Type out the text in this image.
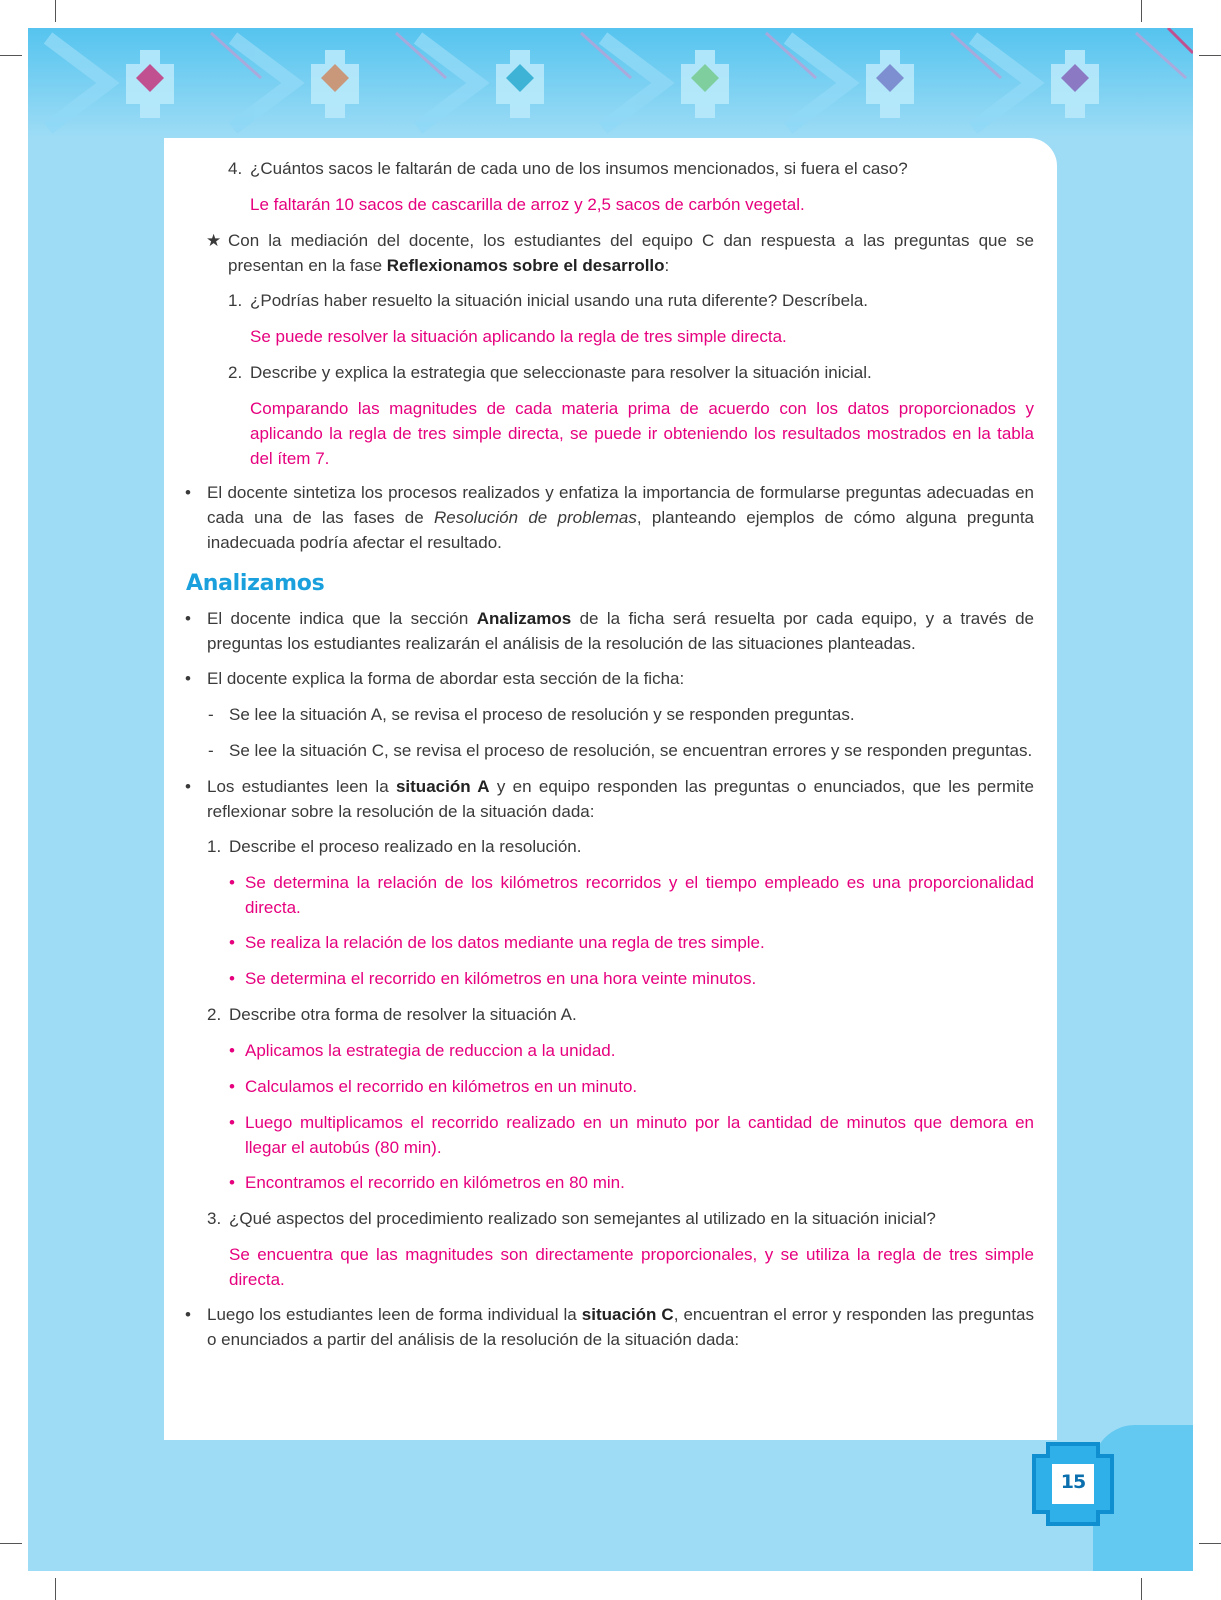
15
4. ¿Cuántos sacos le faltarán de cada uno de los insumos mencionados, si fuera el caso?

Le faltarán 10 sacos de cascarilla de arroz y 2,5 sacos de carbón vegetal.

★ Con la mediación del docente, los estudiantes del equipo C dan respuesta a las preguntas que se presentan en la fase Reflexionamos sobre el desarrollo:

1. ¿Podrías haber resuelto la situación inicial usando una ruta diferente? Descríbela.

Se puede resolver la situación aplicando la regla de tres simple directa.

2. Describe y explica la estrategia que seleccionaste para resolver la situación inicial.

Comparando las magnitudes de cada materia prima de acuerdo con los datos proporcionados y aplicando la regla de tres simple directa, se puede ir obteniendo los resultados mostrados en la tabla del ítem 7.

• El docente sintetiza los procesos realizados y enfatiza la importancia de formularse preguntas adecuadas en cada una de las fases de Resolución de problemas, planteando ejemplos de cómo alguna pregunta inadecuada podría afectar el resultado.

Analizamos
• El docente indica que la sección Analizamos de la ficha será resuelta por cada equipo, y a través de preguntas los estudiantes realizarán el análisis de la resolución de las situaciones planteadas.

• El docente explica la forma de abordar esta sección de la ficha:

- Se lee la situación A, se revisa el proceso de resolución y se responden preguntas.

- Se lee la situación C, se revisa el proceso de resolución, se encuentran errores y se responden preguntas.

• Los estudiantes leen la situación A y en equipo responden las preguntas o enunciados, que les permite reflexionar sobre la resolución de la situación dada:

1. Describe el proceso realizado en la resolución.

• Se determina la relación de los kilómetros recorridos y el tiempo empleado es una proporcionalidad directa.

• Se realiza la relación de los datos mediante una regla de tres simple.

• Se determina el recorrido en kilómetros en una hora veinte minutos.

2. Describe otra forma de resolver la situación A.

• Aplicamos la estrategia de reduccion a la unidad.

• Calculamos el recorrido en kilómetros en un minuto.

• Luego multiplicamos el recorrido realizado en un minuto por la cantidad de minutos que demora en llegar el autobús (80 min).

• Encontramos el recorrido en kilómetros en 80 min.

3. ¿Qué aspectos del procedimiento realizado son semejantes al utilizado en la situación inicial?

Se encuentra que las magnitudes son directamente proporcionales, y se utiliza la regla de tres simple directa.

• Luego los estudiantes leen de forma individual la situación C, encuentran el error y responden las preguntas o enunciados a partir del análisis de la resolución de la situación dada:
